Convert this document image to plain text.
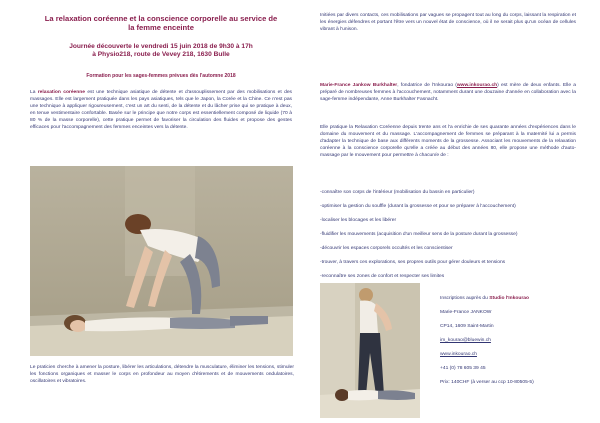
La relaxation coréenne et la conscience corporelle au service de
la femme enceinte
Journée découverte le vendredi 15 juin 2018 de 9h30 à 17h
à Physio218, route de Vevey 218, 1630 Bulle
Formation pour les sages-femmes prévues dès l'automne 2018

La relaxation coréenne est une technique asiatique de détente et d'assouplissement par des mobilisations et des massages. Elle est largement pratiquée dans les pays asiatiques, tels que le Japon, la Corée et la Chine. Ce n'est pas une technique à appliquer rigoureusement, c'est un art du senti, de la détente et du lâcher prise qui se pratique à deux, en tenue vestimentaire confortable. Basée sur le principe que notre corps est essentiellement composé de liquide (70 à 80 % de la masse corporelle), cette pratique permet de favoriser la circulation des fluides et propose des gestes efficaces pour l'accompagnement des femmes enceintes vers la détente.

Le praticien cherche à amener la posture, libérer les articulations, détendre la musculature, éliminer les tensions, stimuler les fonctions organiques et masser le corps en profondeur au moyen d'étirements et de mouvements ondulatoires, oscillatoires et vibratoires.

Initiées par divers contacts, ces mobilisations par vagues se propagent tout au long du corps, laissant la respiration et les énergies défendres et portant l'être vers un nouvel état de conscience, où il ne serait plus qu'un océan de cellules vibrant à l'unison.

Marie-France Jankow Burkhalter, fondatrice de l'Inkourao (www.inkourao.ch) est mère de deux enfants. Elle a préparé de nombreuses femmes à l'accouchement, notamment durant une douzaine d'année en collaboration avec la sage-femme indépendante, Anne Burkhalter Fasnacht.

Elle pratique la Relaxation Coréenne depuis trente ans et l'a enrichie de ses quarante années d'expériences dans le domaine du mouvement et du massage. L'accompagnement de femmes se préparant à la maternité lui a permis d'adapter la technique de base aux différents moments de la grossesse. Associant les mouvements de la relaxation coréenne à la conscience corporelle qu'elle a créée au début des années 80, elle propose une méthode d'auto-massage par le mouvement pour permettre à chacun/e de :

-connaître son corps de l'intérieur (mobilisation du bassin en particulier)
-optimiser la gestion du souffle (durant la grossesse et pour se préparer à l'accouchement)
-localiser les blocages et les libérer
-fluidifier les mouvements (acquisition d'un meilleur sens de la posture durant la grossesse)
-découvrir les espaces corporels occultés et les conscientiser
-trouver, à travers ces explorations, ses propres outils pour gérer douleurs et tensions
-reconnaître ses zones de confort et respecter ses limites
Inscriptions auprès du Studio l'Inkourao
Marie-France JANKOW
CP14, 1609 Saint-Martin
im_kourao@bluewin.ch
www.inkourao.ch
+41 (0) 78 605 39 45
Prix: 140CHF (à verser au ccp 10-80505-5)
